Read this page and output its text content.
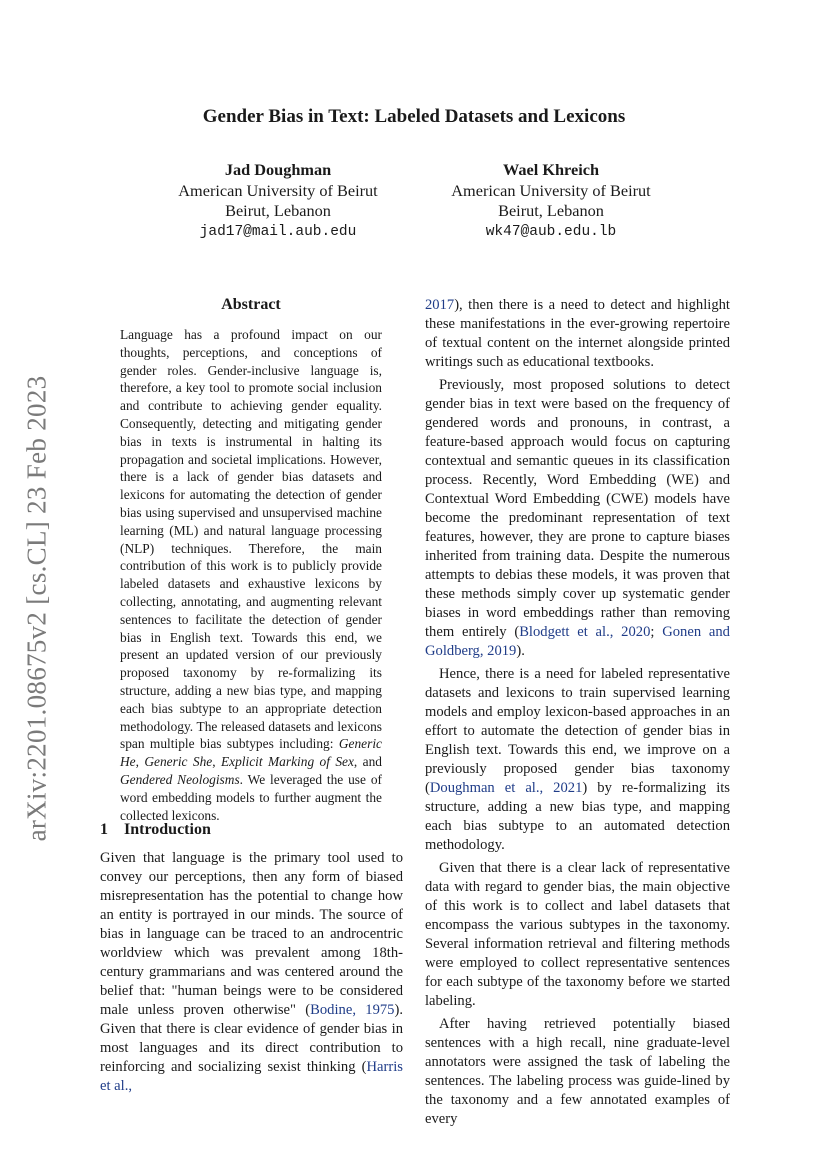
arXiv:2201.08675v2 [cs.CL] 23 Feb 2023
Gender Bias in Text: Labeled Datasets and Lexicons
Jad Doughman
American University of Beirut
Beirut, Lebanon
jad17@mail.aub.edu
Wael Khreich
American University of Beirut
Beirut, Lebanon
wk47@aub.edu.lb
Abstract
Language has a profound impact on our thoughts, perceptions, and conceptions of gender roles. Gender-inclusive language is, therefore, a key tool to promote social inclusion and contribute to achieving gender equality. Consequently, detecting and mitigating gender bias in texts is instrumental in halting its propagation and societal implications. However, there is a lack of gender bias datasets and lexicons for automating the detection of gender bias using supervised and unsupervised machine learning (ML) and natural language processing (NLP) techniques. Therefore, the main contribution of this work is to publicly provide labeled datasets and exhaustive lexicons by collecting, annotating, and augmenting relevant sentences to facilitate the detection of gender bias in English text. Towards this end, we present an updated version of our previously proposed taxonomy by re-formalizing its structure, adding a new bias type, and mapping each bias subtype to an appropriate detection methodology. The released datasets and lexicons span multiple bias subtypes including: Generic He, Generic She, Explicit Marking of Sex, and Gendered Neologisms. We leveraged the use of word embedding models to further augment the collected lexicons.
1 Introduction
Given that language is the primary tool used to convey our perceptions, then any form of biased misrepresentation has the potential to change how an entity is portrayed in our minds. The source of bias in language can be traced to an androcentric worldview which was prevalent among 18th-century grammarians and was centered around the belief that: "human beings were to be considered male unless proven otherwise" (Bodine, 1975). Given that there is clear evidence of gender bias in most languages and its direct contribution to reinforcing and socializing sexist thinking (Harris et al.,

2017), then there is a need to detect and highlight these manifestations in the ever-growing repertoire of textual content on the internet alongside printed writings such as educational textbooks.

Previously, most proposed solutions to detect gender bias in text were based on the frequency of gendered words and pronouns, in contrast, a feature-based approach would focus on capturing contextual and semantic queues in its classification process. Recently, Word Embedding (WE) and Contextual Word Embedding (CWE) models have become the predominant representation of text features, however, they are prone to capture biases inherited from training data. Despite the numerous attempts to debias these models, it was proven that these methods simply cover up systematic gender biases in word embeddings rather than removing them entirely (Blodgett et al., 2020; Gonen and Goldberg, 2019).

Hence, there is a need for labeled representative datasets and lexicons to train supervised learning models and employ lexicon-based approaches in an effort to automate the detection of gender bias in English text. Towards this end, we improve on a previously proposed gender bias taxonomy (Doughman et al., 2021) by re-formalizing its structure, adding a new bias type, and mapping each bias subtype to an automated detection methodology.

Given that there is a clear lack of representative data with regard to gender bias, the main objective of this work is to collect and label datasets that encompass the various subtypes in the taxonomy. Several information retrieval and filtering methods were employed to collect representative sentences for each subtype of the taxonomy before we started labeling.

After having retrieved potentially biased sentences with a high recall, nine graduate-level annotators were assigned the task of labeling the sentences. The labeling process was guide-lined by the taxonomy and a few annotated examples of every
